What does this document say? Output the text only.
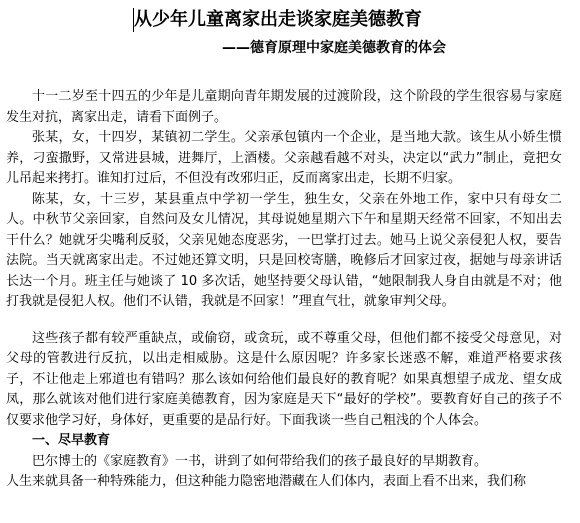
从少年儿童离家出走谈家庭美德教育
——德育原理中家庭美德教育的体会

十一二岁至十四五的少年是儿童期向青年期发展的过渡阶段，这个阶段的学生很容易与家庭发生对抗，离家出走，请看下面例子。

张某，女，十四岁，某镇初二学生。父亲承包镇内一个企业，是当地大款。该生从小娇生惯养，刁蛮撒野，又常进县城，进舞厅，上酒楼。父亲越看越不对头，决定以“武力”制止，竟把女儿吊起来拷打。谁知打过后，不但没有改邪归正，反而离家出走，长期不归家。

陈某，女，十三岁，某县重点中学初一学生，独生女，父亲在外地工作，家中只有母女二人。中秋节父亲回家，自然问及女儿情况，其母说她星期六下午和星期天经常不回家，不知出去干什么？她就牙尖嘴利反驳，父亲见她态度恶劣，一巴掌打过去。她马上说父亲侵犯人权，要告法院。当天就离家出走。不过她还算文明，只是回校寄膳，晚修后才回家过夜，据她与母亲讲话长达一个月。班主任与她谈了 10 多次话，她坚持要父母认错，“她限制我人身自由就是不对；他打我就是侵犯人权。他们不认错，我就是不回家！”理直气壮，就象审判父母。

这些孩子都有较严重缺点，或偷窃，或贪玩，或不尊重父母，但他们都不接受父母意见，对父母的管教进行反抗，以出走相威胁。这是什么原因呢？许多家长迷惑不解，难道严格要求孩子，不让他走上邪道也有错吗？那么该如何给他们最良好的教育呢？如果真想望子成龙、望女成凤，那么就该对他们进行家庭美德教育，因为家庭是天下“最好的学校”。要教育好自己的孩子不仅要求他学习好，身体好，更重要的是品行好。下面我谈一些自己粗浅的个人体会。

一、尽早教育

巴尔博士的《家庭教育》一书，讲到了如何带给我们的孩子最良好的早期教育。

人生来就具备一种特殊能力，但这种能力隐密地潜藏在人们体内，表面上看不出来，我们称
